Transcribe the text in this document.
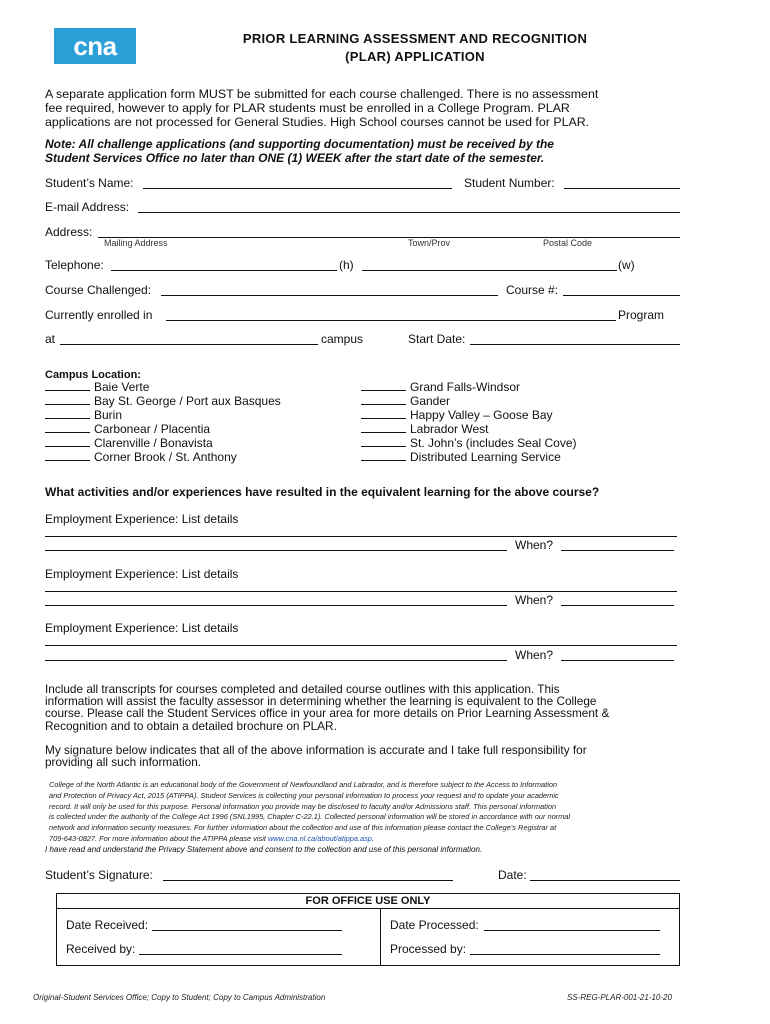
cna	PRIOR LEARNING ASSESSMENT AND RECOGNITION
(PLAR) APPLICATION
A separate application form MUST be submitted for each course challenged. There is no assessment
fee required, however to apply for PLAR students must be enrolled in a College Program. PLAR
applications are not processed for General Studies. High School courses cannot be used for PLAR.
Note: All challenge applications (and supporting documentation) must be received by the
Student Services Office no later than ONE (1) WEEK after the start date of the semester.
Student’s Name:	Student Number:
E-mail Address:
Address:
Mailing Address	Town/Prov	Postal Code
Telephone:	(h)	(w)
Course Challenged:	Course #:
Currently enrolled in	Program
at	campus	Start Date:
Campus Location:
Baie Verte
Bay St. George / Port aux Basques
Burin
Carbonear / Placentia
Clarenville / Bonavista
Corner Brook / St. Anthony
Grand Falls-Windsor
Gander
Happy Valley – Goose Bay
Labrador West
St. John’s (includes Seal Cove)
Distributed Learning Service
What activities and/or experiences have resulted in the equivalent learning for the above course?
Employment Experience: List details
When?
Employment Experience: List details
When?
Employment Experience: List details
When?
Include all transcripts for courses completed and detailed course outlines with this application. This
information will assist the faculty assessor in determining whether the learning is equivalent to the College
course. Please call the Student Services office in your area for more details on Prior Learning Assessment &
Recognition and to obtain a detailed brochure on PLAR.
My signature below indicates that all of the above information is accurate and I take full responsibility for
providing all such information.
College of the North Atlantic is an educational body of the Government of Newfoundland and Labrador, and is therefore subject to the Access to Information
and Protection of Privacy Act, 2015 (ATIPPA). Student Services is collecting your personal information to process your request and to update your academic
record. It will only be used for this purpose. Personal information you provide may be disclosed to faculty and/or Admissions staff. This personal information
is collected under the authority of the College Act 1996 (SNL1995, Chapter C-22.1). Collected personal information will be stored in accordance with our normal
network and information security measures. For further information about the collection and use of this information please contact the College’s Registrar at
709-643-0827. For more information about the ATIPPA please visit www.cna.nl.ca/about/atippa.asp.
I have read and understand the Privacy Statement above and consent to the collection and use of this personal information.
Student’s Signature:	Date:
FOR OFFICE USE ONLY
Date Received:	Date Processed:
Received by:	Processed by:
Original-Student Services Office; Copy to Student; Copy to Campus Administration	SS-REG-PLAR-001-21-10-20
